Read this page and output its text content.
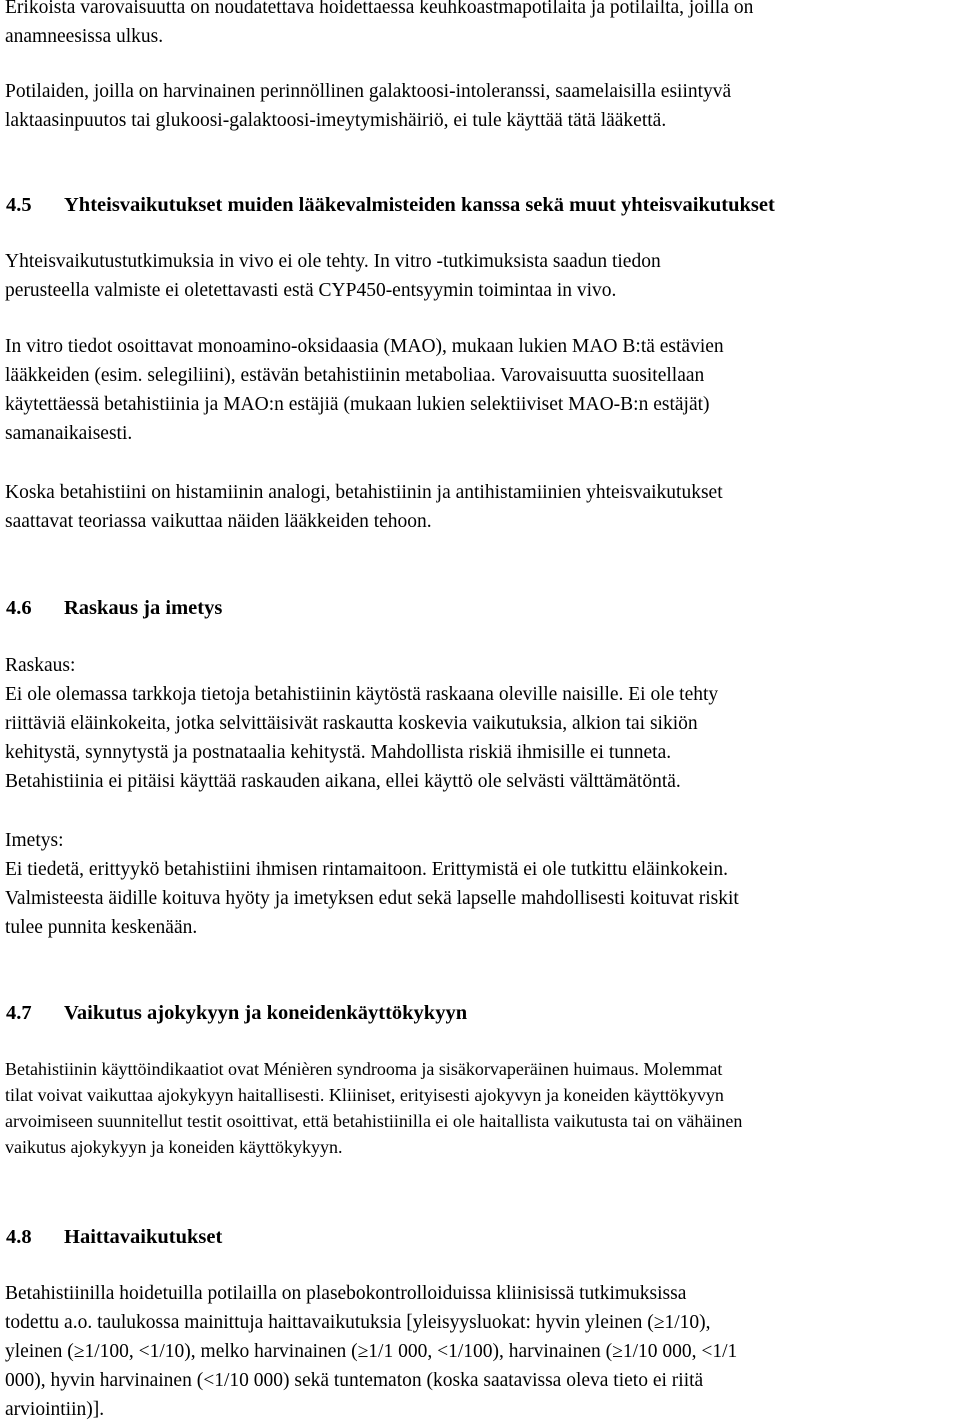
Erikoista varovaisuutta on noudatettava hoidettaessa keuhkoastmapotilaita ja potilailta, joilla on
anamneesissa ulkus.

Potilaiden, joilla on harvinainen perinnöllinen galaktoosi-intoleranssi, saamelaisilla esiintyvä
laktaasinpuutos tai glukoosi-galaktoosi-imeytymishäiriö, ei tule käyttää tätä lääkettä.

4.5 Yhteisvaikutukset muiden lääkevalmisteiden kanssa sekä muut yhteisvaikutukset

Yhteisvaikutustutkimuksia in vivo ei ole tehty. In vitro -tutkimuksista saadun tiedon
perusteella valmiste ei oletettavasti estä CYP450-entsyymin toimintaa in vivo.

In vitro tiedot osoittavat monoamino-oksidaasia (MAO), mukaan lukien MAO B:tä estävien
lääkkeiden (esim. selegiliini), estävän betahistiinin metaboliaa. Varovaisuutta suositellaan
käytettäessä betahistiinia ja MAO:n estäjiä (mukaan lukien selektiiviset MAO-B:n estäjät)
samanaikaisesti.

Koska betahistiini on histamiinin analogi, betahistiinin ja antihistamiinien yhteisvaikutukset
saattavat teoriassa vaikuttaa näiden lääkkeiden tehoon.

4.6 Raskaus ja imetys

Raskaus:
Ei ole olemassa tarkkoja tietoja betahistiinin käytöstä raskaana oleville naisille. Ei ole tehty
riittäviä eläinkokeita, jotka selvittäisivät raskautta koskevia vaikutuksia, alkion tai sikiön
kehitystä, synnytystä ja postnataalia kehitystä. Mahdollista riskiä ihmisille ei tunneta.
Betahistiinia ei pitäisi käyttää raskauden aikana, ellei käyttö ole selvästi välttämätöntä.

Imetys:
Ei tiedetä, erittyykö betahistiini ihmisen rintamaitoon. Erittymistä ei ole tutkittu eläinkokein.
Valmisteesta äidille koituva hyöty ja imetyksen edut sekä lapselle mahdollisesti koituvat riskit
tulee punnita keskenään.

4.7 Vaikutus ajokykyyn ja koneidenkäyttökykyyn

Betahistiinin käyttöindikaatiot ovat Ménièren syndrooma ja sisäkorvaperäinen huimaus. Molemmat
tilat voivat vaikuttaa ajokykyyn haitallisesti. Kliiniset, erityisesti ajokyvyn ja koneiden käyttökyvyn
arvoimiseen suunnitellut testit osoittivat, että betahistiinilla ei ole haitallista vaikutusta tai on vähäinen
vaikutus ajokykyyn ja koneiden käyttökykyyn.

4.8 Haittavaikutukset

Betahistiinilla hoidetuilla potilailla on plasebokontrolloiduissa kliinisissä tutkimuksissa
todettu a.o. taulukossa mainittuja haittavaikutuksia [yleisyysluokat: hyvin yleinen (≥1/10),
yleinen (≥1/100, <1/10), melko harvinainen (≥1/1 000, <1/100), harvinainen (≥1/10 000, <1/1
000), hyvin harvinainen (<1/10 000) sekä tuntematon (koska saatavissa oleva tieto ei riitä
arviointiin)].
